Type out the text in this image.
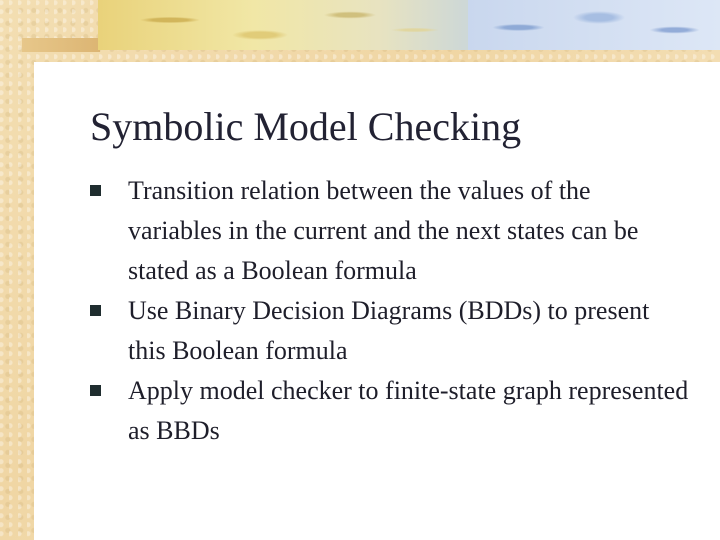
Symbolic Model Checking
Transition relation between the values of the variables in the current and the next states can be stated as a Boolean formula
Use Binary Decision Diagrams (BDDs) to present this Boolean formula
Apply model checker to finite-state graph represented as BBDs
